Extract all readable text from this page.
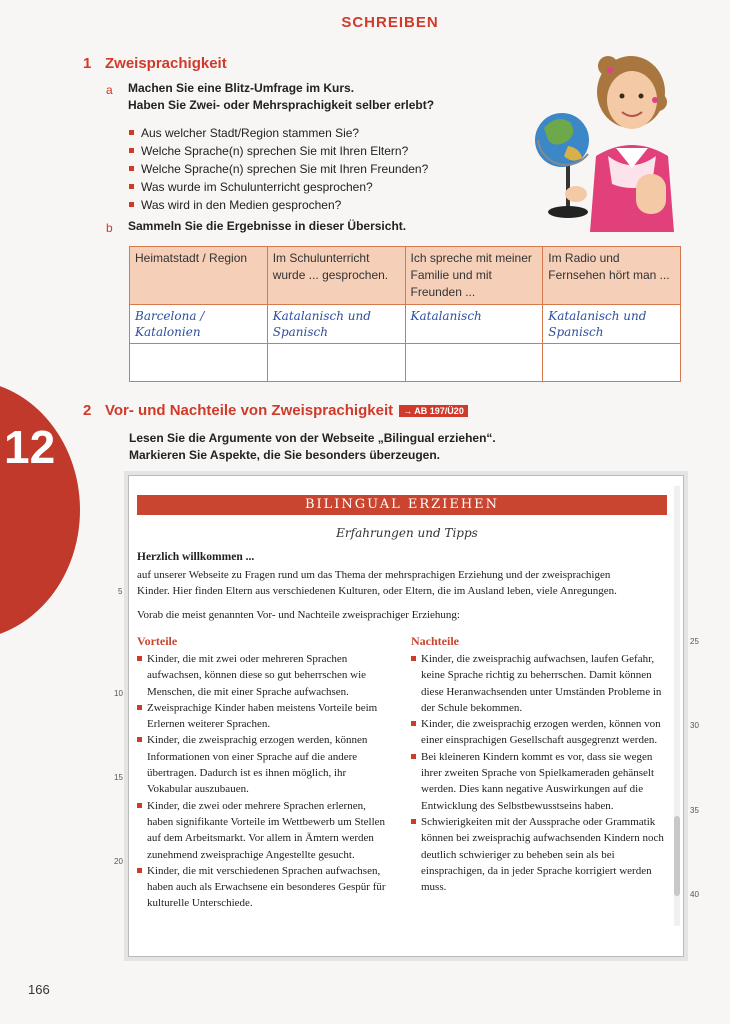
12
SCHREIBEN
1 Zweisprachigkeit
a Machen Sie eine Blitz-Umfrage im Kurs.
Haben Sie Zwei- oder Mehrsprachigkeit selber erlebt?
Aus welcher Stadt/Region stammen Sie?
Welche Sprache(n) sprechen Sie mit Ihren Eltern?
Welche Sprache(n) sprechen Sie mit Ihren Freunden?
Was wurde im Schulunterricht gesprochen?
Was wird in den Medien gesprochen?
b Sammeln Sie die Ergebnisse in dieser Übersicht.
Heimatstadt / Region	Im Schulunterricht wurde ... gesprochen.	Ich spreche mit meiner Familie und mit Freunden ...	Im Radio und Fernsehen hört man ...
Barcelona / Katalonien	Katalanisch und Spanisch	Katalanisch	Katalanisch und Spanisch

2 Vor- und Nachteile von Zweisprachigkeit → AB 197/Ü20
Lesen Sie die Argumente von der Webseite „Bilingual erziehen“.
Markieren Sie Aspekte, die Sie besonders überzeugen.
BILINGUAL ERZIEHEN
Erfahrungen und Tipps
Herzlich willkommen ...
auf unserer Webseite zu Fragen rund um das Thema der mehrsprachigen Erziehung und der zweisprachigen
Kinder. Hier finden Eltern aus verschiedenen Kulturen, oder Eltern, die im Ausland leben, viele Anregungen.
Vorab die meist genannten Vor- und Nachteile zweisprachiger Erziehung:
Vorteile
Kinder, die mit zwei oder mehreren Sprachen aufwachsen, können diese so gut beherrschen wie Menschen, die mit einer Sprache aufwachsen.
Zweisprachige Kinder haben meistens Vorteile beim Erlernen weiterer Sprachen.
Kinder, die zweisprachig erzogen werden, können Informationen von einer Sprache auf die andere übertragen. Dadurch ist es ihnen möglich, ihr Vokabular auszubauen.
Kinder, die zwei oder mehrere Sprachen erlernen, haben signifikante Vorteile im Wettbewerb um Stellen auf dem Arbeitsmarkt. Vor allem in Ämtern werden zunehmend zweisprachige Angestellte gesucht.
Kinder, die mit verschiedenen Sprachen aufwachsen, haben auch als Erwachsene ein besonderes Gespür für kulturelle Unterschiede.
Nachteile
Kinder, die zweisprachig aufwachsen, laufen Gefahr, keine Sprache richtig zu beherrschen. Damit können diese Heranwachsenden unter Umständen Probleme in der Schule bekommen.
Kinder, die zweisprachig erzogen werden, können von einer einsprachigen Gesellschaft ausgegrenzt werden.
Bei kleineren Kindern kommt es vor, dass sie wegen ihrer zweiten Sprache von Spielkameraden gehänselt werden. Dies kann negative Auswirkungen auf die Entwicklung des Selbstbewusstseins haben.
Schwierigkeiten mit der Aussprache oder Grammatik können bei zweisprachig aufwachsenden Kindern noch deutlich schwieriger zu beheben sein als bei einsprachigen, da in jeder Sprache korrigiert werden muss.
5
10
15
20
25
30
35
40
166
